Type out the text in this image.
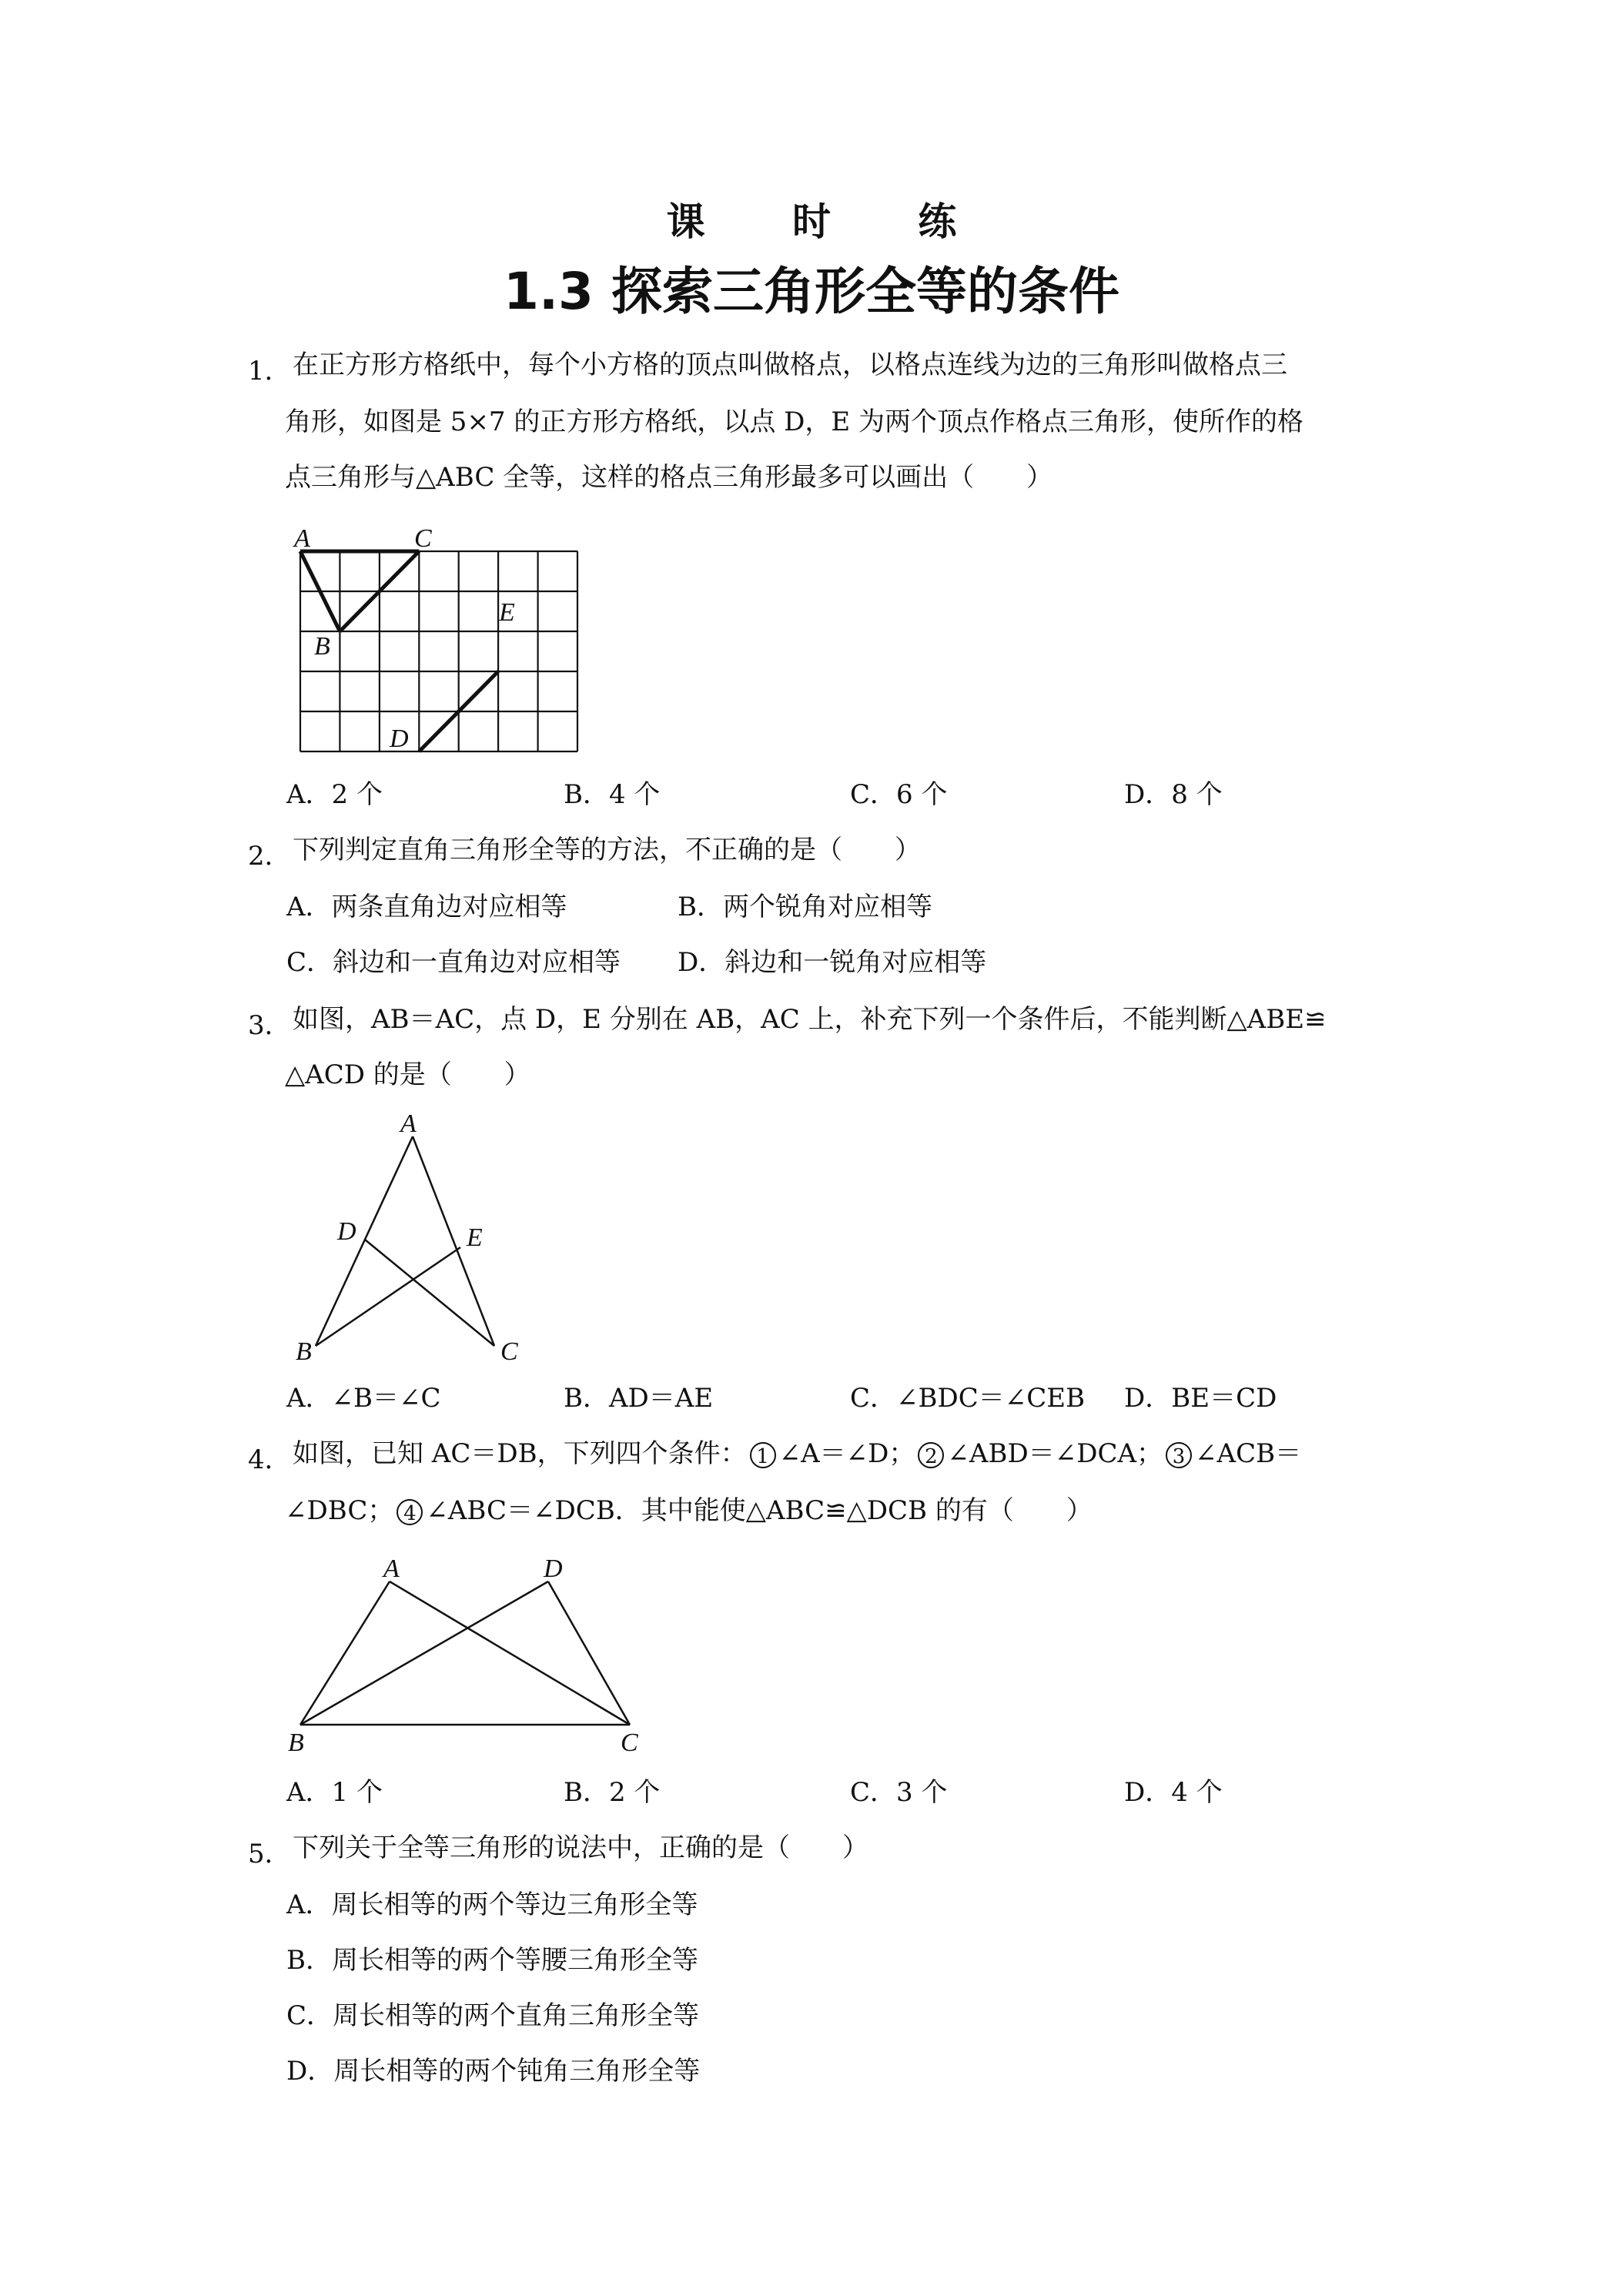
课 时 练
1.3 探索三角形全等的条件
1． 在正方形方格纸中，每个小方格的顶点叫做格点，以格点连线为边的三角形叫做格点三
角形，如图是 5×7 的正方形方格纸，以点 D，E 为两个顶点作格点三角形，使所作的格
点三角形与△ABC 全等，这样的格点三角形最多可以画出（　　）
A	C
B
E
D
A．2 个	B．4 个	C．6 个	D．8 个
2． 下列判定直角三角形全等的方法，不正确的是（　　）
A．两条直角边对应相等	B．两个锐角对应相等
C．斜边和一直角边对应相等 D．斜边和一锐角对应相等
3． 如图，AB＝AC，点 D，E 分别在 AB，AC 上，补充下列一个条件后，不能判断△ABE≌
△ACD 的是（　　）
A
D	E
B	C
A．∠B＝∠C	B．AD＝AE	C．∠BDC＝∠CEB D．BE＝CD
4． 如图，已知 AC＝DB，下列四个条件： 1 ∠A＝∠D； 2 ∠ABD＝∠DCA； 3 ∠ACB＝
∠DBC； 4 ∠ABC＝∠DCB．其中能使△ABC≌△DCB 的有（　　）
A	D
B	C
A．1 个	B．2 个	C．3 个	D．4 个
5． 下列关于全等三角形的说法中，正确的是（　　）
A．周长相等的两个等边三角形全等
B．周长相等的两个等腰三角形全等
C．周长相等的两个直角三角形全等
D．周长相等的两个钝角三角形全等
